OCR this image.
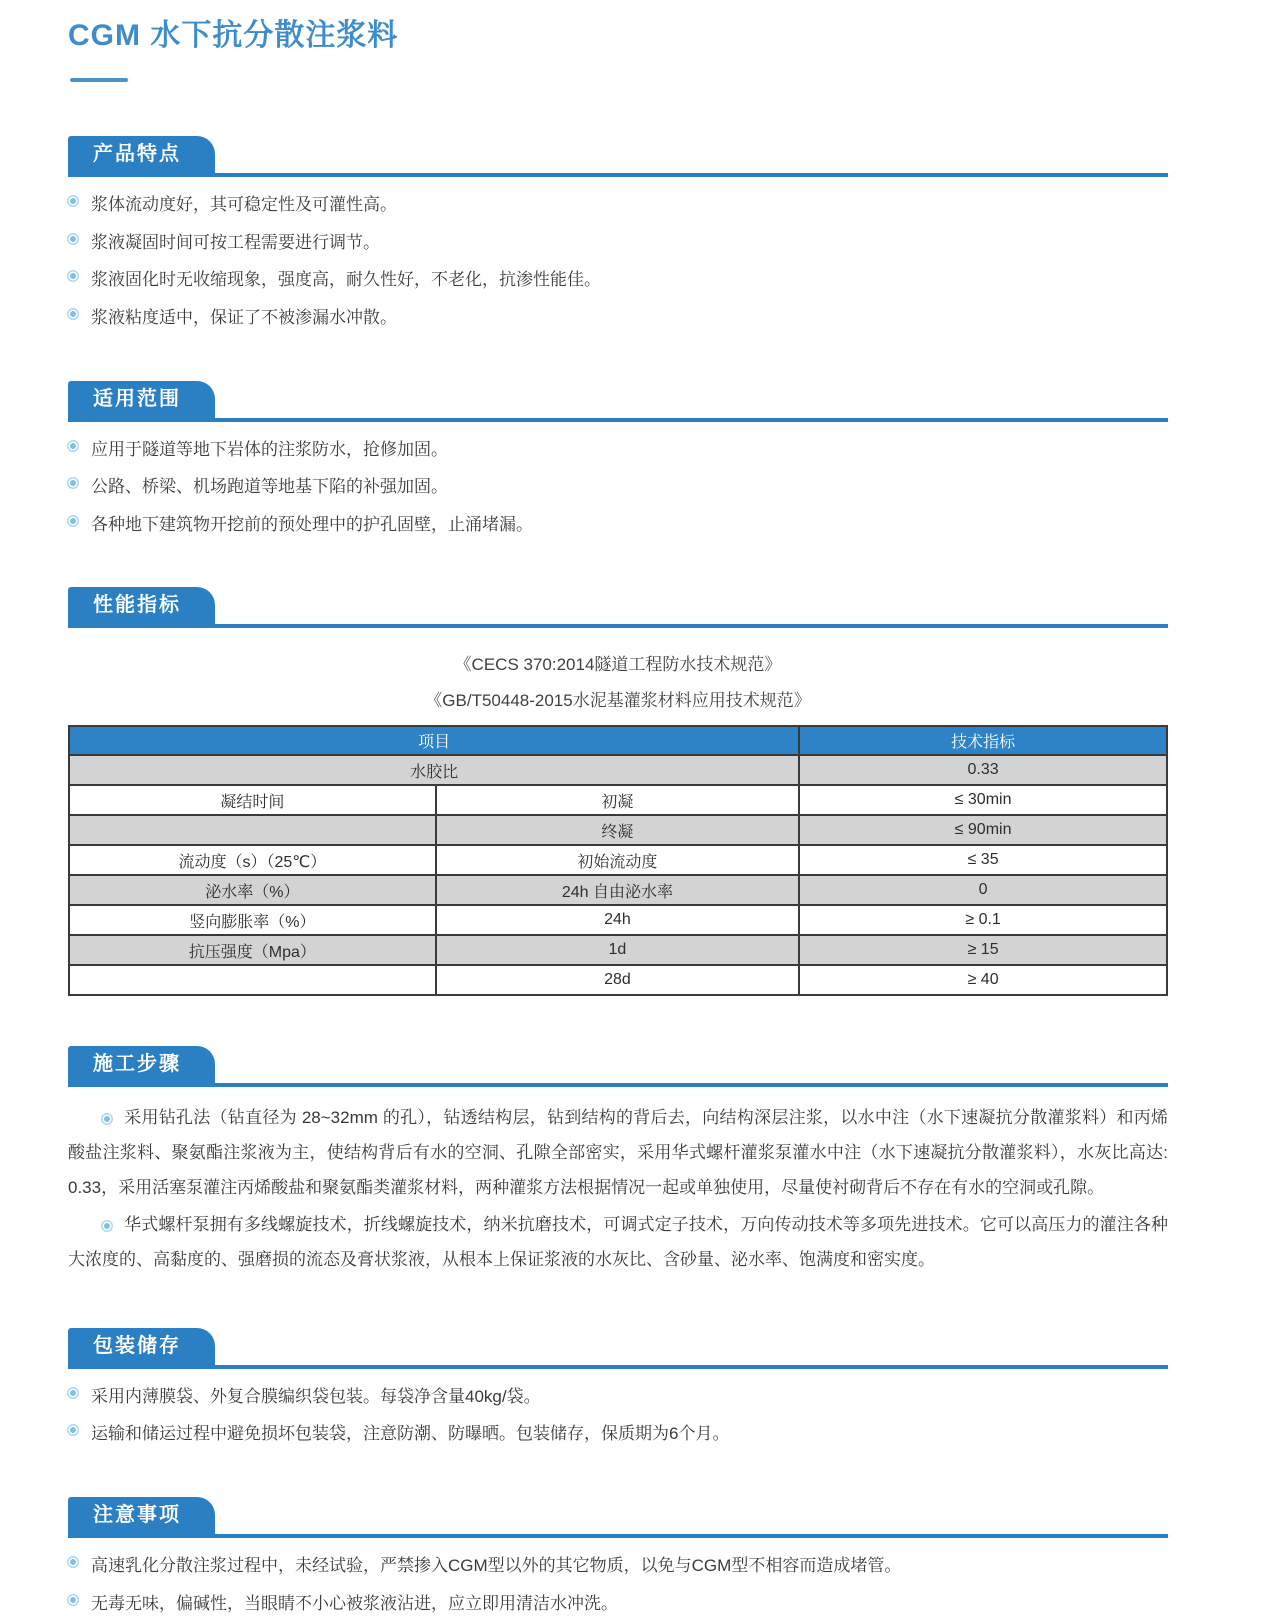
CGM 水下抗分散注浆料
产品特点
浆体流动度好，其可稳定性及可灌性高。
浆液凝固时间可按工程需要进行调节。
浆液固化时无收缩现象，强度高，耐久性好，不老化，抗渗性能佳。
浆液粘度适中，保证了不被渗漏水冲散。
适用范围
应用于隧道等地下岩体的注浆防水，抢修加固。
公路、桥梁、机场跑道等地基下陷的补强加固。
各种地下建筑物开挖前的预处理中的护孔固壁，止涌堵漏。
性能指标

《CECS 370:2014隧道工程防水技术规范》

《GB/T50448-2015水泥基灌浆材料应用技术规范》

项目		技术指标
水胶比		0.33
凝结时间	初凝	≤ 30min
	终凝	≤ 90min
流动度（s）（25℃）	初始流动度	≤ 35
泌水率（%）	24h 自由泌水率	0
竖向膨胀率（%）	24h	≥ 0.1
抗压强度（Mpa）	1d	≥ 15
	28d	≥ 40
施工步骤

采用钻孔法（钻直径为 28~32mm 的孔），钻透结构层，钻到结构的背后去，向结构深层注浆，以水中注（水下速凝抗分散灌浆料）和丙烯酸盐注浆料、聚氨酯注浆液为主，使结构背后有水的空洞、孔隙全部密实，采用华式螺杆灌浆泵灌水中注（水下速凝抗分散灌浆料），水灰比高达: 0.33，采用活塞泵灌注丙烯酸盐和聚氨酯类灌浆材料，两种灌浆方法根据情况一起或单独使用，尽量使衬砌背后不存在有水的空洞或孔隙。

华式螺杆泵拥有多线螺旋技术，折线螺旋技术，纳米抗磨技术，可调式定子技术，万向传动技术等多项先进技术。它可以高压力的灌注各种大浓度的、高黏度的、强磨损的流态及膏状浆液，从根本上保证浆液的水灰比、含砂量、泌水率、饱满度和密实度。

包装储存
采用内薄膜袋、外复合膜编织袋包装。每袋净含量40kg/袋。
运输和储运过程中避免损坏包装袋，注意防潮、防曝晒。包装储存，保质期为6个月。
注意事项
高速乳化分散注浆过程中，未经试验，严禁掺入CGM型以外的其它物质，以免与CGM型不相容而造成堵管。
无毒无味，偏碱性，当眼睛不小心被浆液沾进，应立即用清洁水冲洗。
